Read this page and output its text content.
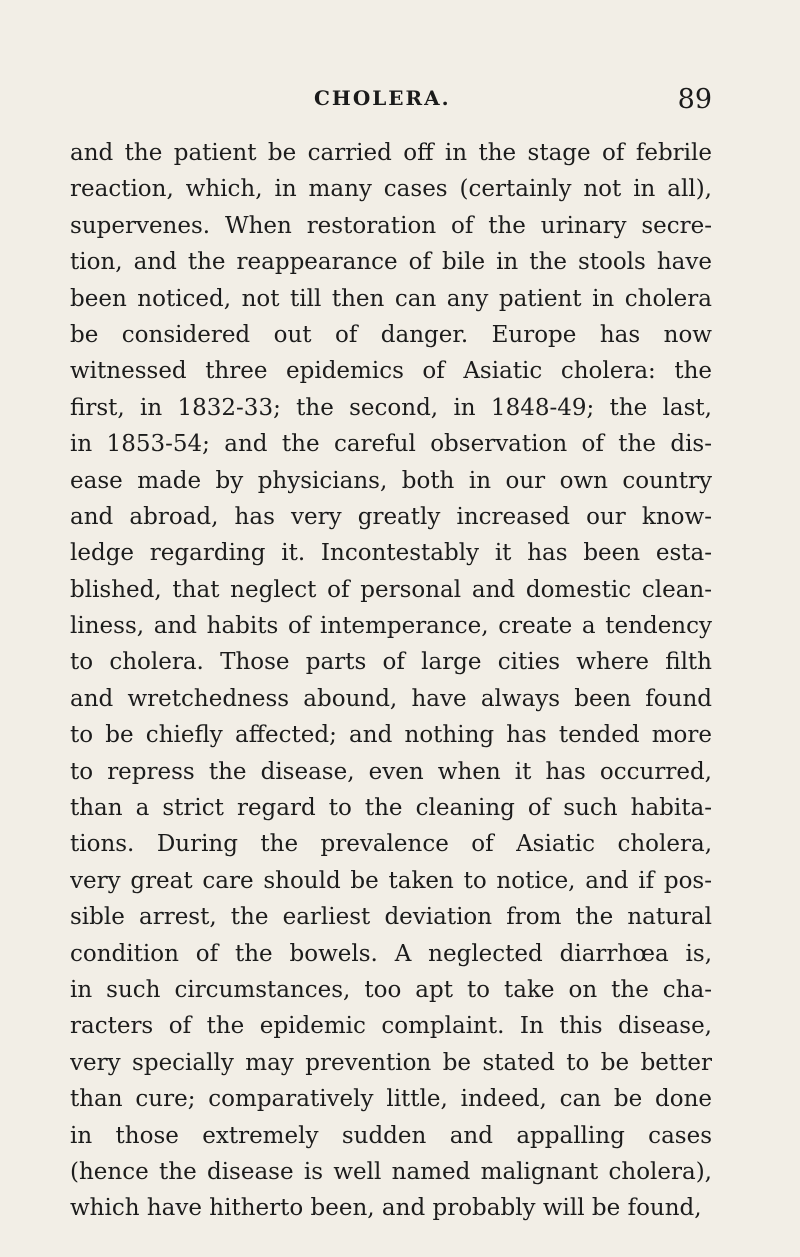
CHOLERA.	89
and the patient be carried off in the stage of febrile
reaction, which, in many cases (certainly not in all),
supervenes. When restoration of the urinary secre-
tion, and the reappearance of bile in the stools have
been noticed, not till then can any patient in cholera
be considered out of danger. Europe has now
witnessed three epidemics of Asiatic cholera: the
first, in 1832-33; the second, in 1848-49; the last,
in 1853-54; and the careful observation of the dis-
ease made by physicians, both in our own country
and abroad, has very greatly increased our know-
ledge regarding it. Incontestably it has been esta-
blished, that neglect of personal and domestic clean-
liness, and habits of intemperance, create a tendency
to cholera. Those parts of large cities where filth
and wretchedness abound, have always been found
to be chiefly affected; and nothing has tended more
to repress the disease, even when it has occurred,
than a strict regard to the cleaning of such habita-
tions. During the prevalence of Asiatic cholera,
very great care should be taken to notice, and if pos-
sible arrest, the earliest deviation from the natural
condition of the bowels. A neglected diarrhœa is,
in such circumstances, too apt to take on the cha-
racters of the epidemic complaint. In this disease,
very specially may prevention be stated to be better
than cure; comparatively little, indeed, can be done
in those extremely sudden and appalling cases
(hence the disease is well named malignant cholera),
which have hitherto been, and probably will be found,
